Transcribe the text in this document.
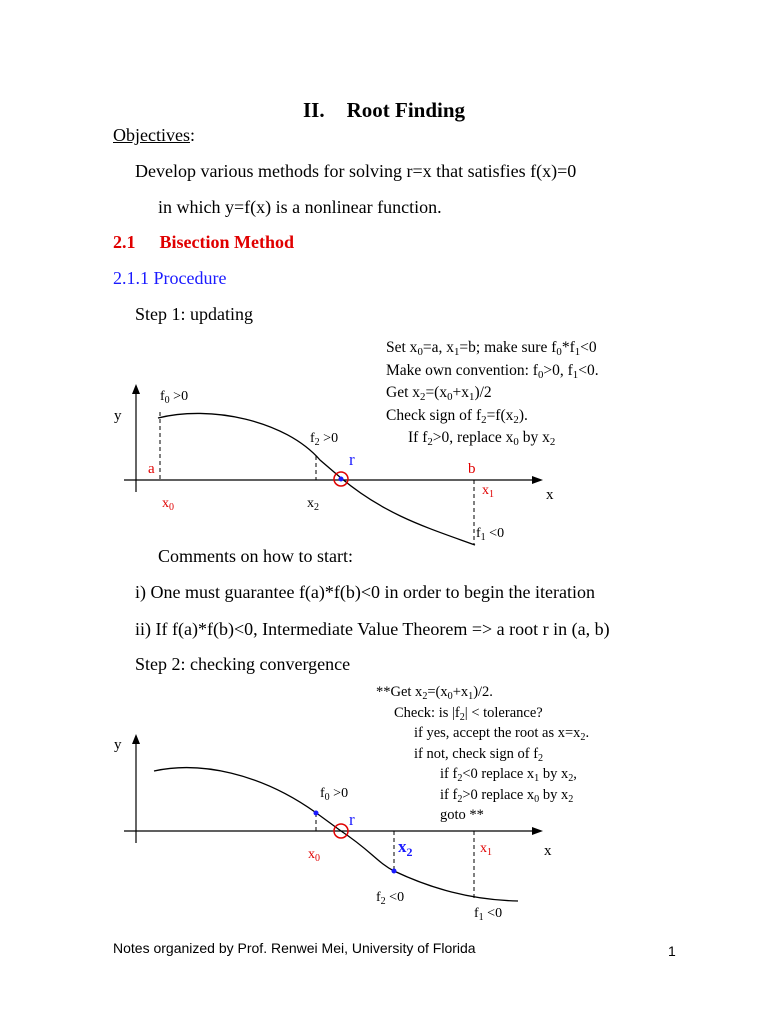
II. Root Finding
Objectives:
Develop various methods for solving r=x that satisfies f(x)=0
in which y=f(x) is a nonlinear function.
2.1 Bisection Method
2.1.1 Procedure
Step 1: updating
Set $x_0=a$, $x_1=b$; make sure $f_0*f_1<0$
Make own convention: $f_0>0$, $f_1<0$.
Get $x_2=(x_0+x_1)/2$
Check sign of $f_2=f(x_2)$.
If $f_2>0$, replace $x_0$ by $x_2$
y
x
$f_0 >0$
$f_2 >0$
$f_1 <0$
a	b
$x_0$	$x_2$
$x_1$
r
Comments on how to start:
i) One must guarantee f(a)*f(b)<0 in order to begin the iteration
ii) If f(a)*f(b)<0, Intermediate Value Theorem => a root r in (a, b)
Step 2: checking convergence
**Get $x_2=(x_0+x_1)/2$.
Check: is $|f_2|$ < tolerance?
if yes, accept the root as $x=x_2$.
if not, check sign of $f_2$
if $f_2<0$ replace $x_1$ by $x_2$,
if $f_2>0$ replace $x_0$ by $x_2$
goto **
y
x
$f_0 >0$
$f_2 <0$
$f_1 <0$
$x_0$
$x_2$	$x_1$
r
Notes organized by Prof. Renwei Mei, University of Florida	1
